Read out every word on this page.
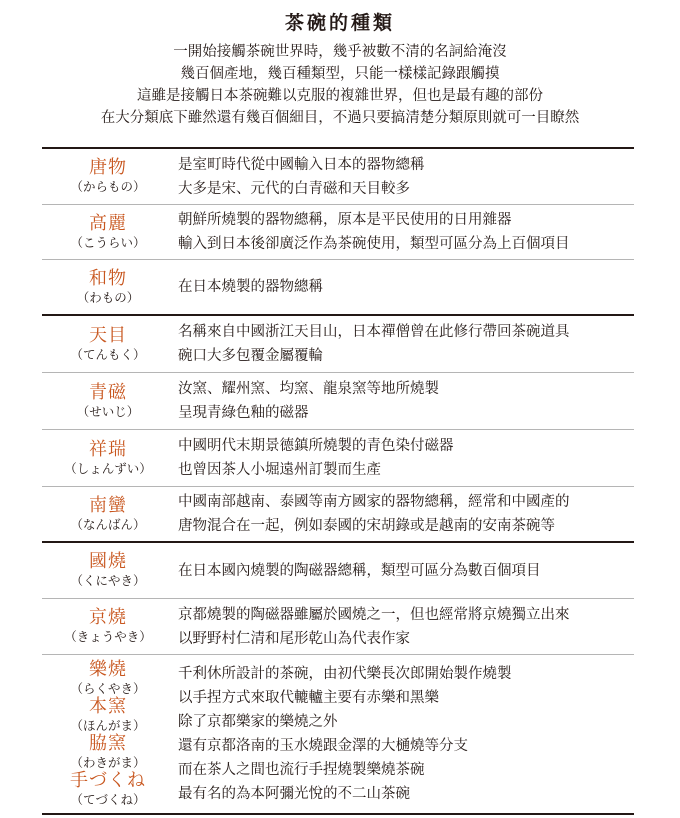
茶碗的種類
一開始接觸茶碗世界時，幾乎被數不清的名詞給淹沒
幾百個產地，幾百種類型，只能一樣樣記錄跟觸摸
這雖是接觸日本茶碗難以克服的複雜世界，但也是最有趣的部份
在大分類底下雖然還有幾百個細目，不過只要搞清楚分類原則就可一目瞭然
唐物
（からもの）
是室町時代從中國輸入日本的器物總稱
大多是宋、元代的白青磁和天目較多
高麗
（こうらい）
朝鮮所燒製的器物總稱，原本是平民使用的日用雜器
輸入到日本後卻廣泛作為茶碗使用，類型可區分為上百個項目
和物
（わもの）
在日本燒製的器物總稱
天目
（てんもく）
名稱來自中國浙江天目山，日本禪僧曾在此修行帶回茶碗道具
碗口大多包覆金屬覆輪
青磁
（せいじ）
汝窯、耀州窯、均窯、龍泉窯等地所燒製
呈現青綠色釉的磁器
祥瑞
（しょんずい）
中國明代末期景德鎮所燒製的青色染付磁器
也曾因茶人小堀遠州訂製而生產
南蠻
（なんばん）
中國南部越南、泰國等南方國家的器物總稱，經常和中國產的
唐物混合在一起，例如泰國的宋胡錄或是越南的安南茶碗等
國燒
（くにやき）
在日本國內燒製的陶磁器總稱，類型可區分為數百個項目
京燒
（きょうやき）
京都燒製的陶磁器雖屬於國燒之一，但也經常將京燒獨立出來
以野野村仁清和尾形乾山為代表作家
樂燒
（らくやき）
本窯
（ほんがま）
脇窯
（わきがま）
手づくね
（てづくね）
千利休所設計的茶碗，由初代樂長次郎開始製作燒製
以手捏方式來取代轆轤主要有赤樂和黑樂
除了京都樂家的樂燒之外
還有京都洛南的玉水燒跟金澤的大樋燒等分支
而在茶人之間也流行手捏燒製樂燒茶碗
最有名的為本阿彌光悅的不二山茶碗
